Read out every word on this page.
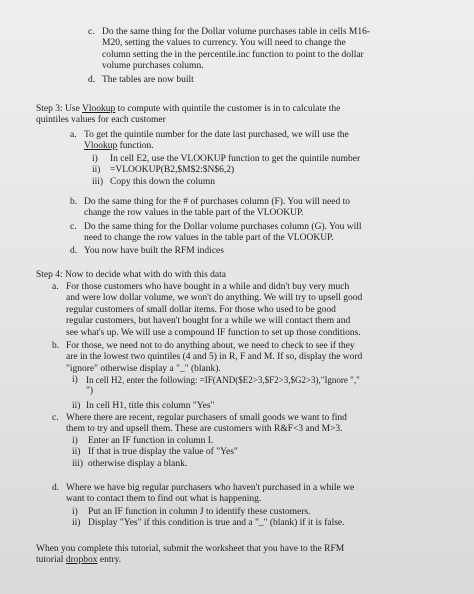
c. Do the same thing for the Dollar volume purchases table in cells M16-
M20, setting the values to currency. You will need to change the
column setting the in the percentile.inc function to point to the dollar
volume purchases column.
d. The tables are now built
Step 3: Use Vlookup to compute with quintile the customer is in to calculate the
quintiles values for each customer
a. To get the quintile number for the date last purchased, we will use the
Vlookup function.
i)	In cell E2, use the VLOOKUP function to get the quintile number
ii)	=VLOOKUP(B2,$M$2:$N$6,2)
iii) Copy this down the column
b. Do the same thing for the # of purchases column (F). You will need to
change the row values in the table part of the VLOOKUP.
c. Do the same thing for the Dollar volume purchases column (G). You will
need to change the row values in the table part of the VLOOKUP.
d. You now have built the RFM indices
Step 4: Now to decide what with do with this data
a. For those customers who have bought in a while and didn't buy very much
and were low dollar volume, we won't do anything. We will try to upsell good
regular customers of small dollar items. For those who used to be good
regular customers, but haven't bought for a while we will contact them and
see what's up. We will use a compound IF function to set up those conditions.
b. For those, we need not to do anything about, we need to check to see if they
are in the lowest two quintiles (4 and 5) in R, F and M. If so, display the word
"ignore" otherwise display a "_" (blank).
i) In cell H2, enter the following: =IF(AND($E2>3,$F2>3,$G2>3),"Ignore ","
")
ii) In cell H1, title this column "Yes"
c. Where there are recent, regular purchasers of small goods we want to find
them to try and upsell them. These are customers with R&F<3 and M>3.
i)	Enter an IF function in column I.
ii) If that is true display the value of "Yes"
iii) otherwise display a blank.
d. Where we have big regular purchasers who haven't purchased in a while we
want to contact them to find out what is happening.
i)	Put an IF function in column J to identify these customers.
ii) Display "Yes" if this condition is true and a "_" (blank) if it is false.
When you complete this tutorial, submit the worksheet that you have to the RFM
tutorial dropbox entry.
